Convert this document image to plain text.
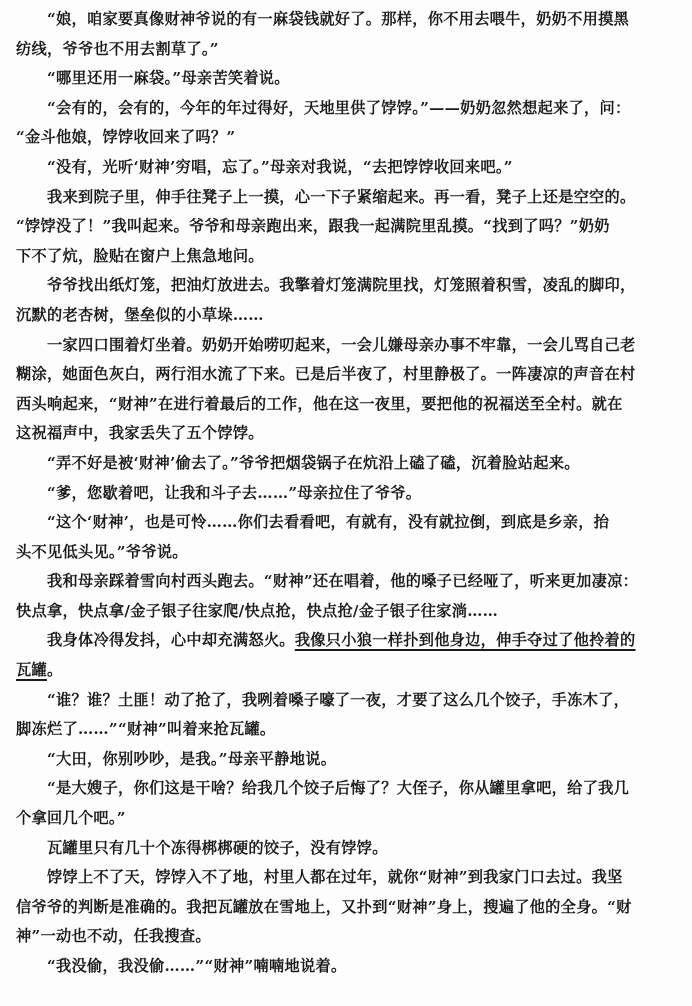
“娘，咱家要真像财神爷说的有一麻袋钱就好了。那样，你不用去喂牛，奶奶不用摸黑
纺线，爷爷也不用去割草了。”
“哪里还用一麻袋。”母亲苦笑着说。
“会有的，会有的，今年的年过得好，天地里供了饽饽。”——奶奶忽然想起来了，问：
“金斗他娘，饽饽收回来了吗？”
“没有，光听‘财神’穷唱，忘了。”母亲对我说，“去把饽饽收回来吧。”
我来到院子里，伸手往凳子上一摸，心一下子紧缩起来。再一看，凳子上还是空空的。
“饽饽没了！”我叫起来。爷爷和母亲跑出来，跟我一起满院里乱摸。“找到了吗？”奶奶
下不了炕，脸贴在窗户上焦急地问。
爷爷找出纸灯笼，把油灯放进去。我擎着灯笼满院里找，灯笼照着积雪，凌乱的脚印，
沉默的老杏树，堡垒似的小草垛……
一家四口围着灯坐着。奶奶开始唠叨起来，一会儿嫌母亲办事不牢靠，一会儿骂自己老
糊涂，她面色灰白，两行泪水流了下来。已是后半夜了，村里静极了。一阵凄凉的声音在村
西头响起来，“财神”在进行着最后的工作，他在这一夜里，要把他的祝福送至全村。就在
这祝福声中，我家丢失了五个饽饽。
“弄不好是被‘财神’偷去了。”爷爷把烟袋锅子在炕沿上磕了磕，沉着脸站起来。
“爹，您歇着吧，让我和斗子去……”母亲拉住了爷爷。
“这个‘财神’，也是可怜……你们去看看吧，有就有，没有就拉倒，到底是乡亲，抬
头不见低头见。”爷爷说。
我和母亲踩着雪向村西头跑去。“财神”还在唱着，他的嗓子已经哑了，听来更加凄凉：
快点拿，快点拿/金子银子往家爬/快点抢，快点抢/金子银子往家淌……
我身体冷得发抖，心中却充满怒火。我像只小狼一样扑到他身边，伸手夺过了他拎着的
瓦罐。
“谁？谁？土匪！动了抢了，我咧着嗓子嚎了一夜，才要了这么几个饺子，手冻木了，
脚冻烂了……”“财神”叫着来抢瓦罐。
“大田，你别吵吵，是我。”母亲平静地说。
“是大嫂子，你们这是干啥？给我几个饺子后悔了？大侄子，你从罐里拿吧，给了我几
个拿回几个吧。”
瓦罐里只有几十个冻得梆梆硬的饺子，没有饽饽。
饽饽上不了天，饽饽入不了地，村里人都在过年，就你“财神”到我家门口去过。我坚
信爷爷的判断是准确的。我把瓦罐放在雪地上，又扑到“财神”身上，搜遍了他的全身。“财
神”一动也不动，任我搜查。
“我没偷，我没偷……”“财神”喃喃地说着。
